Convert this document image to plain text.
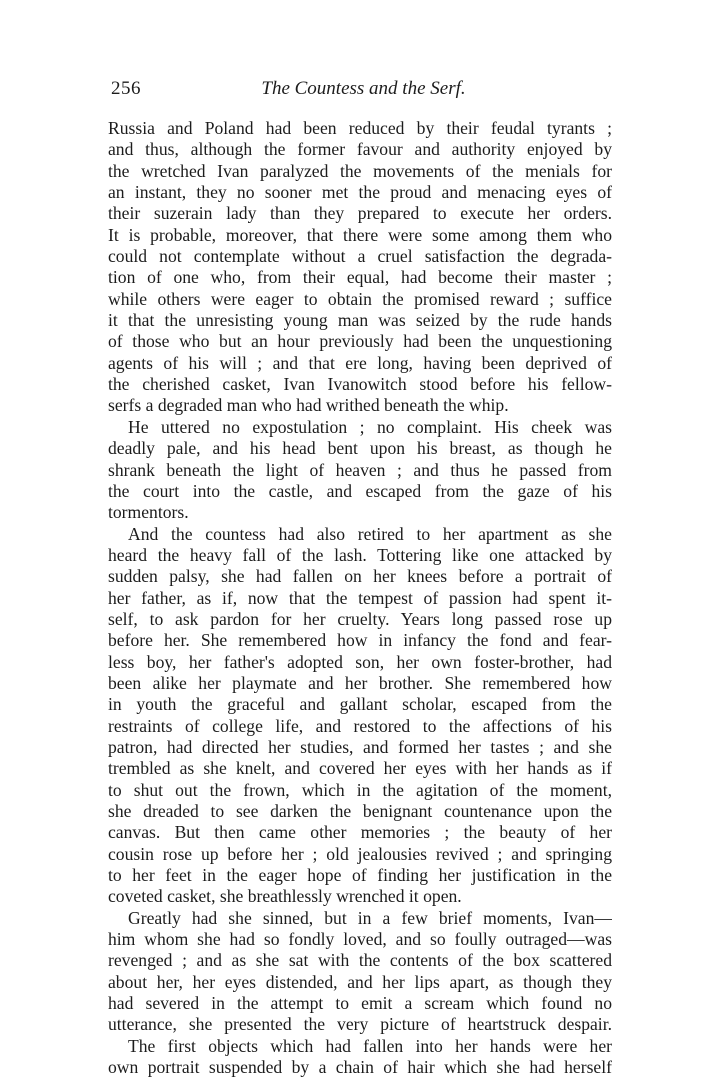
256	The Countess and the Serf.
Russia and Poland had been reduced by their feudal tyrants ;
and thus, although the former favour and authority enjoyed by
the wretched Ivan paralyzed the movements of the menials for
an instant, they no sooner met the proud and menacing eyes of
their suzerain lady than they prepared to execute her orders.
It is probable, moreover, that there were some among them who
could not contemplate without a cruel satisfaction the degrada-
tion of one who, from their equal, had become their master ;
while others were eager to obtain the promised reward ; suffice
it that the unresisting young man was seized by the rude hands
of those who but an hour previously had been the unquestioning
agents of his will ; and that ere long, having been deprived of
the cherished casket, Ivan Ivanowitch stood before his fellow-
serfs a degraded man who had writhed beneath the whip.
He uttered no expostulation ; no complaint. His cheek was
deadly pale, and his head bent upon his breast, as though he
shrank beneath the light of heaven ; and thus he passed from
the court into the castle, and escaped from the gaze of his
tormentors.
And the countess had also retired to her apartment as she
heard the heavy fall of the lash. Tottering like one attacked by
sudden palsy, she had fallen on her knees before a portrait of
her father, as if, now that the tempest of passion had spent it-
self, to ask pardon for her cruelty. Years long passed rose up
before her. She remembered how in infancy the fond and fear-
less boy, her father's adopted son, her own foster-brother, had
been alike her playmate and her brother. She remembered how
in youth the graceful and gallant scholar, escaped from the
restraints of college life, and restored to the affections of his
patron, had directed her studies, and formed her tastes ; and she
trembled as she knelt, and covered her eyes with her hands as if
to shut out the frown, which in the agitation of the moment,
she dreaded to see darken the benignant countenance upon the
canvas. But then came other memories ; the beauty of her
cousin rose up before her ; old jealousies revived ; and springing
to her feet in the eager hope of finding her justification in the
coveted casket, she breathlessly wrenched it open.
Greatly had she sinned, but in a few brief moments, Ivan—
him whom she had so fondly loved, and so foully outraged—was
revenged ; and as she sat with the contents of the box scattered
about her, her eyes distended, and her lips apart, as though they
had severed in the attempt to emit a scream which found no
utterance, she presented the very picture of heartstruck despair.
The first objects which had fallen into her hands were her
own portrait suspended by a chain of hair which she had herself
